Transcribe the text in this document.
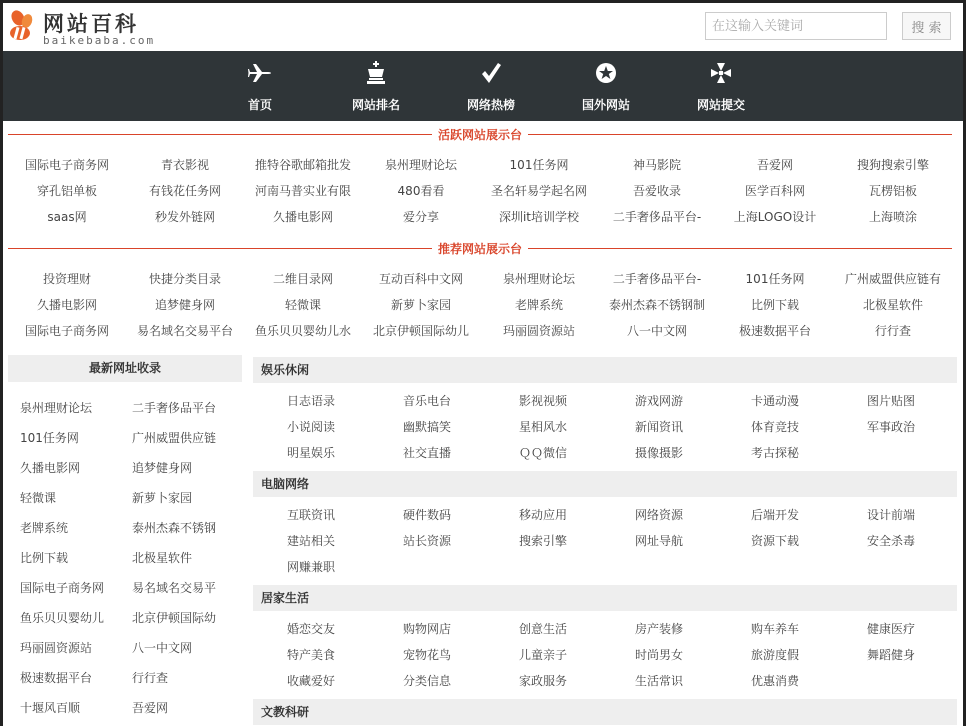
网站百科
baikebaba.com
在这输入关键词
搜 索
首页	网站排名	网络热榜	国外网站	网站提交
活跃网站展示台
国际电子商务网	青衣影视	推特谷歌邮箱批发	泉州理财论坛	101任务网	神马影院	吾爱网	搜狗搜索引擎
穿孔铝单板	有钱花任务网	河南马普实业有限	480看看	圣名轩易学起名网	吾爱收录	医学百科网	瓦楞铝板
saas网	秒发外链网	久播电影网	爱分享	深圳it培训学校	二手奢侈品平台-	上海LOGO设计	上海喷涂
推荐网站展示台
投资理财	快捷分类目录	二维目录网	互动百科中文网	泉州理财论坛	二手奢侈品平台-	101任务网	广州威盟供应链有
久播电影网	追梦健身网	轻微课	新萝卜家园	老牌系统	泰州杰森不锈钢制	比例下载	北极星软件
国际电子商务网	易名域名交易平台	鱼乐贝贝婴幼儿水	北京伊顿国际幼儿	玛丽圆资源站	八一中文网	极速数据平台	行行查
最新网址收录
泉州理财论坛	二手奢侈品平台
101任务网	广州威盟供应链
久播电影网	追梦健身网
轻微课	新萝卜家园
老牌系统	泰州杰森不锈钢
比例下载	北极星软件
国际电子商务网	易名域名交易平
鱼乐贝贝婴幼儿	北京伊顿国际幼
玛丽圆资源站	八一中文网
极速数据平台	行行查
十堰风百顺	吾爱网
娱乐休闲
日志语录	音乐电台	影视视频	游戏网游	卡通动漫	图片贴图
小说阅读	幽默搞笑	星相风水	新闻资讯	体育竞技	军事政治
明星娱乐	社交直播	ＱＱ微信	摄像摄影	考古探秘
电脑网络
互联资讯	硬件数码	移动应用	网络资源	后端开发	设计前端
建站相关	站长资源	搜索引擎	网址导航	资源下载	安全杀毒
网赚兼职
居家生活
婚恋交友	购物网店	创意生活	房产装修	购车养车	健康医疗
特产美食	宠物花鸟	儿童亲子	时尚男女	旅游度假	舞蹈健身
收藏爱好	分类信息	家政服务	生活常识	优惠消费
文教科研
